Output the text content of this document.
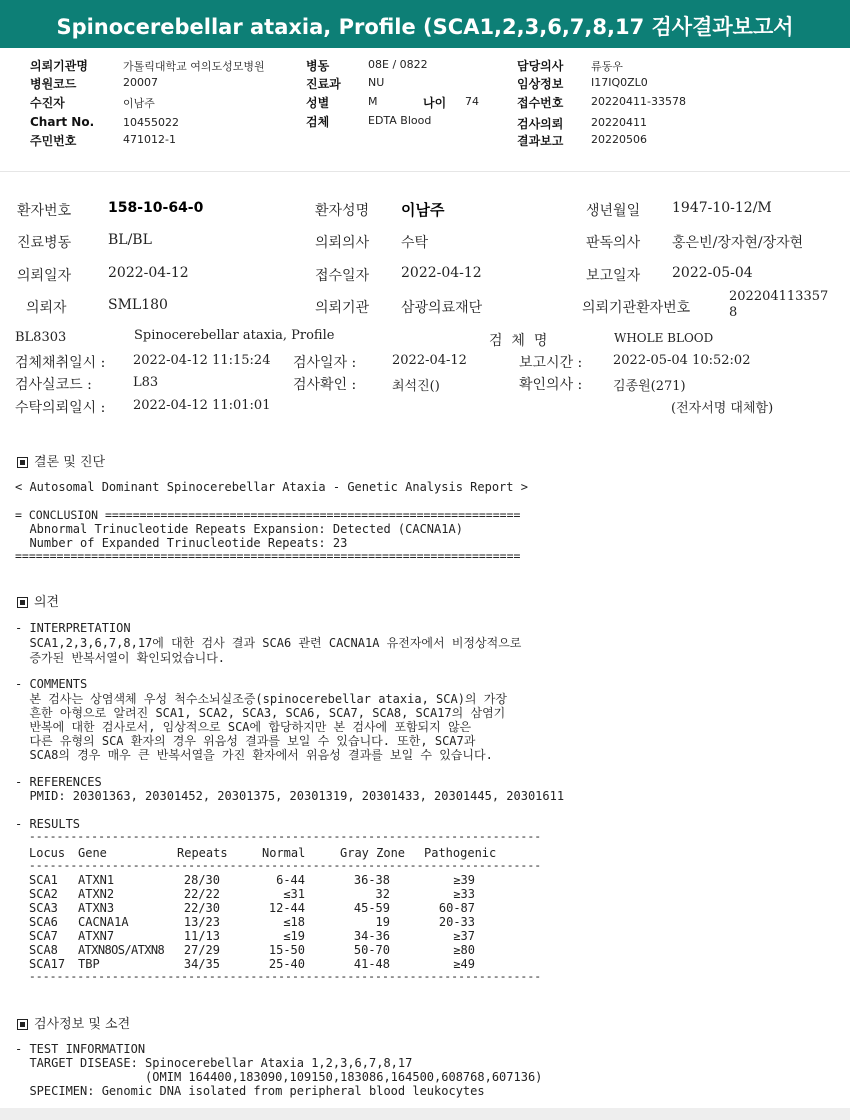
Spinocerebellar ataxia, Profile (SCA1,2,3,6,7,8,17 검사결과보고서
의뢰기관명	가톨릭대학교 여의도성모병원
병원코드	20007
수진자	이남주
Chart No.	10455022
주민번호	471012-1
병동	08E / 0822
진료과 NU
성별	M	나이 74
검체	EDTA Blood
담당의사	류동우
임상정보	I17IQ0ZL0
접수번호	20220411-33578
검사의뢰	20220411
결과보고	20220506
환자번호	158-10-64-0	환자성명 이남주	생년월일 1947-10-12/M
진료병동	BL/BL	의뢰의사 수탁	판독의사 홍은빈/장자현/장자현
의뢰일자	2022-04-12	접수일자 2022-04-12	보고일자 2022-05-04
의뢰자	SML180	의뢰기관 삼광의료재단	의뢰기관환자번호
202204113357
8
BL8303	Spinocerebellar ataxia, Profile	검  체  명	WHOLE BLOOD
검체채취일시 : 2022-04-12 11:15:24 검사일자 :	2022-04-12	보고시간 : 2022-05-04 10:52:02
검사실코드 :	L83	검사확인 :	최석진()	확인의사 : 김종원(271)
수탁의뢰일시 : 2022-04-12 11:01:01	(전자서명 대체함)
결론 및 진단
< Autosomal Dominant Spinocerebellar Ataxia - Genetic Analysis Report >
= CONCLUSION ============================================================
Abnormal Trinucleotide Repeats Expansion: Detected (CACNA1A)
Number of Expanded Trinucleotide Repeats: 23
=========================================================================
의견
- INTERPRETATION
SCA1,2,3,6,7,8,17에 대한 검사 결과 SCA6 관련 CACNA1A 유전자에서 비정상적으로
증가된 반복서열이 확인되었습니다.
- COMMENTS
본 검사는 상염색체 우성 척수소뇌실조증(spinocerebellar ataxia, SCA)의 가장
흔한 아형으로 알려진 SCA1, SCA2, SCA3, SCA6, SCA7, SCA8, SCA17의 삼염기
반복에 대한 검사로서, 임상적으로 SCA에 합당하지만 본 검사에 포함되지 않은
다른 유형의 SCA 환자의 경우 위음성 결과를 보일 수 있습니다. 또한, SCA7과
SCA8의 경우 매우 큰 반복서열을 가진 환자에서 위음성 결과를 보일 수 있습니다.
- REFERENCES
PMID: 20301363, 20301452, 20301375, 20301319, 20301433, 20301445, 20301611
- RESULTS
--------------------------------------------------------------------------
Locus Gene	Repeats	Normal	Gray Zone Pathogenic
--------------------------------------------------------------------------
SCA1 ATXN1	28/30	6-44	36-38	≥39
SCA2 ATXN2	22/22	≤31	32	≥33
SCA3 ATXN3	22/30	12-44	45-59	60-87
SCA6 CACNA1A	13/23	≤18	19	20-33
SCA7 ATXN7	11/13	≤19	34-36	≥37
SCA8 ATXN8OS/ATXN8	27/29	15-50	50-70	≥80
SCA17 TBP	34/35	25-40	41-48	≥49
--------------------------------------------------------------------------
검사정보 및 소견
- TEST INFORMATION
TARGET DISEASE: Spinocerebellar Ataxia 1,2,3,6,7,8,17
(OMIM 164400,183090,109150,183086,164500,608768,607136)
SPECIMEN: Genomic DNA isolated from peripheral blood leukocytes
